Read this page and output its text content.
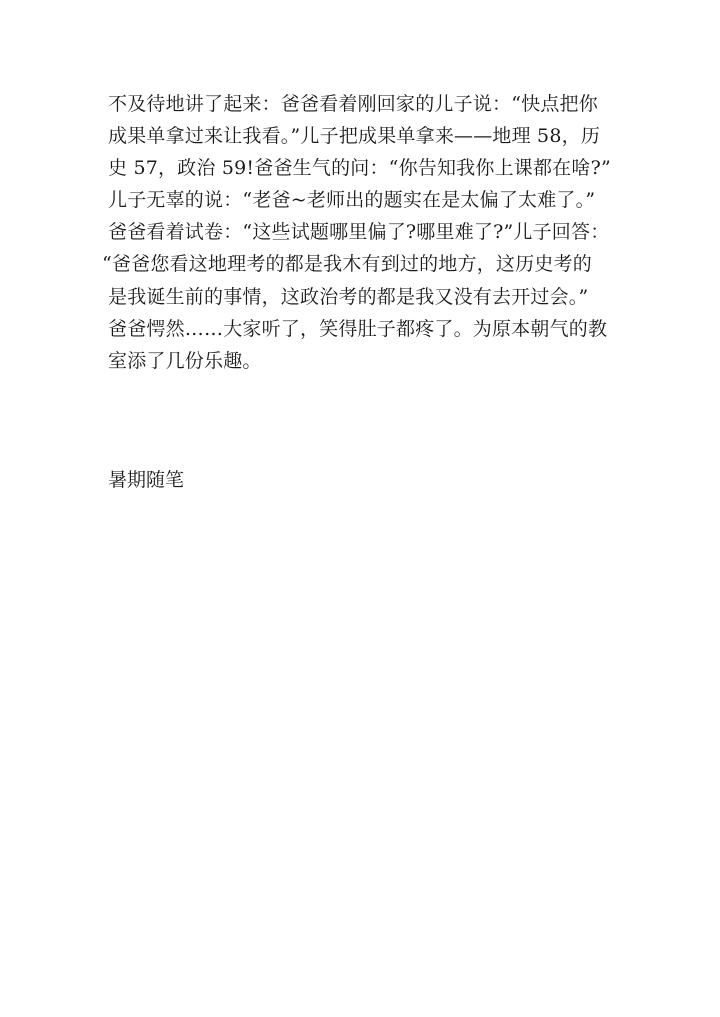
不及待地讲了起来：爸爸看着刚回家的儿子说：“快点把你
成果单拿过来让我看。”儿子把成果单拿来——地理 58，历
史 57，政治 59!爸爸生气的问：“你告知我你上课都在啥?”
儿子无辜的说：“老爸~老师出的题实在是太偏了太难了。”
爸爸看着试卷：“这些试题哪里偏了?哪里难了?”儿子回答：
“爸爸您看这地理考的都是我木有到过的地方，这历史考的
是我诞生前的事情，这政治考的都是我又没有去开过会。”
爸爸愕然……大家听了，笑得肚子都疼了。为原本朝气的教
室添了几份乐趣。
暑期随笔
